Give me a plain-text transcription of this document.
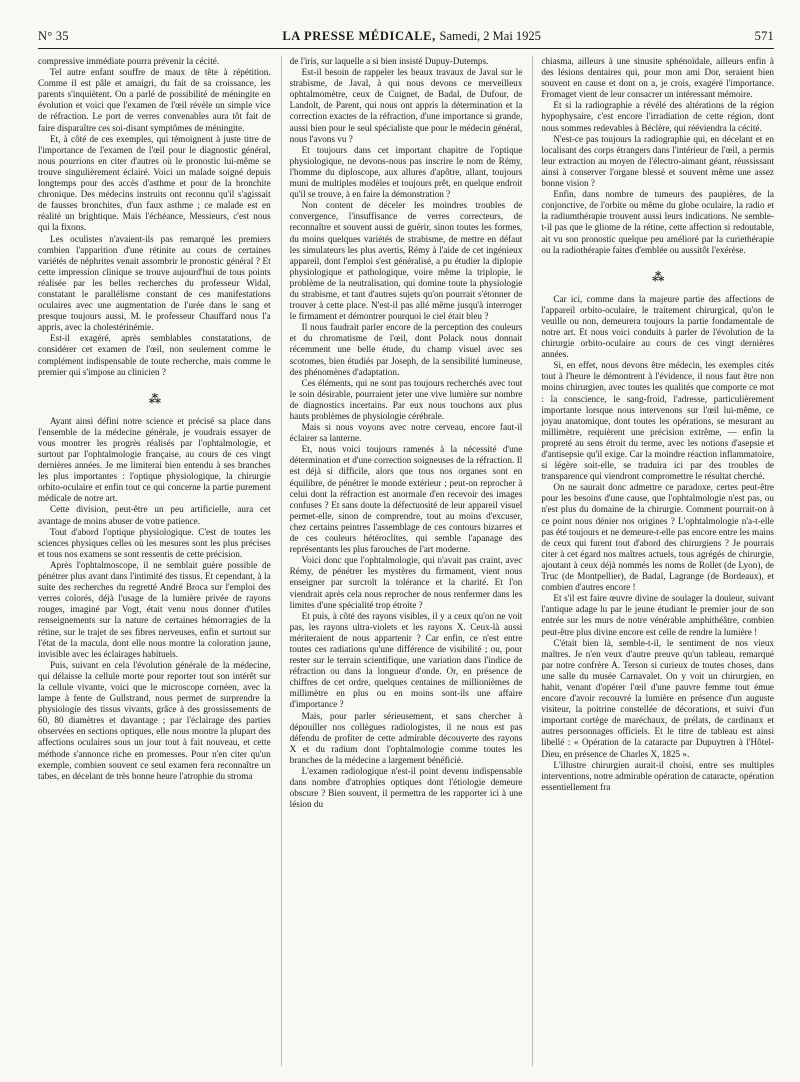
N° 35	LA PRESSE MÉDICALE, Samedi, 2 Mai 1925	571

compressive immédiate pourra prévenir la cécité.

Tel autre enfant souffre de maux de tête à répétition. Comme il est pâle et amaigri, du fait de sa croissance, les parents s'inquiètent. On a parlé de possibilité de méningite en évolution et voici que l'examen de l'œil révèle un simple vice de réfraction. Le port de verres convenables aura tôt fait de faire disparaître ces soi-disant symptômes de méningite.

Et, à côté de ces exemples, qui témoignent à juste titre de l'importance de l'examen de l'œil pour le diagnostic général, nous pourrions en citer d'autres où le pronostic lui-même se trouve singulièrement éclairé. Voici un malade soigné depuis longtemps pour des accès d'asthme et pour de la bronchite chronique. Des médecins instruits ont reconnu qu'il s'agissait de fausses bronchites, d'un faux asthme ; ce malade est en réalité un brightique. Mais l'échéance, Messieurs, c'est nous qui la fixons.

Les oculistes n'avaient-ils pas remarqué les premiers combien l'apparition d'une rétinite au cours de certaines variétés de néphrites venait assombrir le pronostic général ? Et cette impression clinique se trouve aujourd'hui de tous points réalisée par les belles recherches du professeur Widal, constatant le parallélisme constant de ces manifestations oculaires avec une augmentation de l'urée dans le sang et presque toujours aussi, M. le professeur Chauffard nous l'a appris, avec la cholestérinémie.

Est-il exagéré, après semblables constatations, de considérer cet examen de l'œil, non seulement comme le complément indispensable de toute recherche, mais comme le premier qui s'impose au clinicien ?

⁂

Ayant ainsi défini notre science et précisé sa place dans l'ensemble de la médecine générale, je voudrais essayer de vous montrer les progrès réalisés par l'ophtalmologie, et surtout par l'ophtalmologie française, au cours de ces vingt dernières années. Je me limiterai bien entendu à ses branches les plus importantes : l'optique physiologique, la chirurgie orbito-oculaire et enfin tout ce qui concerne la partie purement médicale de notre art.

Cette division, peut-être un peu artificielle, aura cet avantage de moins abuser de votre patience.

Tout d'abord l'optique physiologique. C'est de toutes les sciences physiques celles où les mesures sont les plus précises et tous nos examens se sont ressentis de cette précision.

Après l'ophtalmoscope, il ne semblait guère possible de pénétrer plus avant dans l'intimité des tissus. Et cependant, à la suite des recherches du regretté André Broca sur l'emploi des verres colorés, déjà l'usage de la lumière privée de rayons rouges, imaginé par Vogt, était venu nous donner d'utiles renseignements sur la nature de certaines hémorragies de la rétine, sur le trajet de ses fibres nerveuses, enfin et surtout sur l'état de la macula, dont elle nous montre la coloration jaune, invisible avec les éclairages habituels.

Puis, suivant en cela l'évolution générale de la médecine, qui délaisse la cellule morte pour reporter tout son intérêt sur la cellule vivante, voici que le microscope cornéen, avec la lampe à fente de Gullstrand, nous permet de surprendre la physiologie des tissus vivants, grâce à des grossissements de 60, 80 diamètres et davantage ; par l'éclairage des parties observées en sections optiques, elle nous montre la plupart des affections oculaires sous un jour tout à fait nouveau, et cette méthode s'annonce riche en promesses. Pour n'en citer qu'un exemple, combien souvent ce seul examen fera reconnaître un tabes, en décelant de très bonne heure l'atrophie du stroma

de l'iris, sur laquelle a si bien insisté Dupuy-Dutemps.

Est-il besoin de rappeler les beaux travaux de Javal sur le strabisme, de Javal, à qui nous devons ce merveilleux ophtalmomètre, ceux de Cuignet, de Badal, de Dufour, de Landolt, de Parent, qui nous ont appris la détermination et la correction exactes de la réfraction, d'une importance si grande, aussi bien pour le seul spécialiste que pour le médecin général, nous l'avons vu ?

Et toujours dans cet important chapitre de l'optique physiologique, ne devons-nous pas inscrire le nom de Rémy, l'homme du diploscope, aux allures d'apôtre, allant, toujours muni de multiples modèles et toujours prêt, en quelque endroit qu'il se trouve, à en faire la démonstration ?

Non content de déceler les moindres troubles de convergence, l'insuffisance de verres correcteurs, de reconnaître et souvent aussi de guérir, sinon toutes les formes, du moins quelques variétés de strabisme, de mettre en défaut les simulateurs les plus avertis, Rémy à l'aide de cet ingénieux appareil, dont l'emploi s'est généralisé, a pu étudier la diplopie physiologique et pathologique, voire même la triplopie, le problème de la neutralisation, qui domine toute la physiologie du strabisme, et tant d'autres sujets qu'on pourrait s'étonner de trouver à cette place. N'est-il pas allé même jusqu'à interroger le firmament et démontrer pourquoi le ciel était bleu ?

Il nous faudrait parler encore de la perception des couleurs et du chromatisme de l'œil, dont Polack nous donnait récemment une belle étude, du champ visuel avec ses scotomes, bien étudiés par Joseph, de la sensibilité lumineuse, des phénomènes d'adaptation.

Ces éléments, qui ne sont pas toujours recherchés avec tout le soin désirable, pourraient jeter une vive lumière sur nombre de diagnostics incertains. Par eux nous touchons aux plus hauts problèmes de physiologie cérébrale.

Mais si nous voyons avec notre cerveau, encore faut-il éclairer sa lanterne.

Et, nous voici toujours ramenés à la nécessité d'une détermination et d'une correction soigneuses de la réfraction. Il est déjà si difficile, alors que tous nos organes sont en équilibre, de pénétrer le monde extérieur ; peut-on reprocher à celui dont la réfraction est anormale d'en recevoir des images confuses ? Et sans doute la défectuosité de leur appareil visuel permet-elle, sinon de comprendre, tout au moins d'excuser, chez certains peintres l'assemblage de ces contours bizarres et de ces couleurs hétéroclites, qui semble l'apanage des représentants les plus farouches de l'art moderne.

Voici donc que l'ophtalmologie, qui n'avait pas craint, avec Rémy, de pénétrer les mystères du firmament, vient nous enseigner par surcroît la tolérance et la charité. Et l'on viendrait après cela nous reprocher de nous renfermer dans les limites d'une spécialité trop étroite ?

Et puis, à côté des rayons visibles, il y a ceux qu'on ne voit pas, les rayons ultra-violets et les rayons X. Ceux-là aussi mériteraient de nous appartenir ? Car enfin, ce n'est entre toutes ces radiations qu'une différence de visibilité ; ou, pour rester sur le terrain scientifique, une variation dans l'indice de réfraction ou dans la longueur d'onde. Or, en présence de chiffres de cet ordre, quelques centaines de millionièmes de millimètre en plus ou en moins sont-ils une affaire d'importance ?

Mais, pour parler sérieusement, et sans chercher à dépouiller nos collègues radiologistes, il ne nous est pas défendu de profiter de cette admirable découverte des rayons X et du radium dont l'ophtalmologie comme toutes les branches de la médecine a largement bénéficié.

L'examen radiologique n'est-il point devenu indispensable dans nombre d'atrophies optiques dont l'étiologie demeure obscure ? Bien souvent, il permettra de les rapporter ici à une lésion du

chiasma, ailleurs à une sinusite sphénoïdale, ailleurs enfin à des lésions dentaires qui, pour mon ami Dor, seraient bien souvent en cause et dont on a, je crois, exagéré l'importance. Fromaget vient de leur consacrer un intéressant mémoire.

Et si la radiographie a révélé des altérations de la région hypophysaire, c'est encore l'irradiation de cette région, dont nous sommes redevables à Béclère, qui rééviendra la cécité.

N'est-ce pas toujours la radiographie qui, en décelant et en localisant des corps étrangers dans l'intérieur de l'œil, a permis leur extraction au moyen de l'électro-aimant géant, réussissant ainsi à conserver l'organe blessé et souvent même une assez bonne vision ?

Enfin, dans nombre de tumeurs des paupières, de la conjonctive, de l'orbite ou même du globe oculaire, la radio et la radiumthérapie trouvent aussi leurs indications. Ne semble-t-il pas que le gliome de la rétine, cette affection si redoutable, ait vu son pronostic quelque peu amélioré par la curiethérapie ou la radiothérapie faites d'emblée ou aussitôt l'exérèse.

⁂

Car ici, comme dans la majeure partie des affections de l'appareil orbito-oculaire, le traitement chirurgical, qu'on le veuille ou non, demeurera toujours la partie fondamentale de notre art. Et nous voici conduits à parler de l'évolution de la chirurgie orbito-oculaire au cours de ces vingt dernières années.

Si, en effet, nous devons être médecin, les exemples cités tout à l'heure le démontrent à l'évidence, il nous faut être non moins chirurgien, avec toutes les qualités que comporte ce mot : la conscience, le sang-froid, l'adresse, particulièrement importante lorsque nous intervenons sur l'œil lui-même, ce joyau anatomique, dont toutes les opérations, se mesurant au millimètre, requièrent une précision extrême, — enfin la propreté au sens étroit du terme, avec les notions d'asepsie et d'antisepsie qu'il exige. Car la moindre réaction inflammatoire, si légère soit-elle, se traduira ici par des troubles de transparence qui viendront compromettre le résultat cherché.

On ne saurait donc admettre ce paradoxe, certes peut-être pour les besoins d'une cause, que l'ophtalmologie n'est pas, ou n'est plus du domaine de la chirurgie. Comment pourrait-on à ce point nous dénier nos origines ? L'ophtalmologie n'a-t-elle pas été toujours et ne demeure-t-elle pas encore entre les mains de ceux qui furent tout d'abord des chirurgiens ? Je pourrais citer à cet égard nos maîtres actuels, tous agrégés de chirurgie, ajoutant à ceux déjà nommés les noms de Rollet (de Lyon), de Truc (de Montpellier), de Badal, Lagrange (de Bordeaux), et combien d'autres encore !

Et s'il est faire œuvre divine de soulager la douleur, suivant l'antique adage lu par le jeune étudiant le premier jour de son entrée sur les murs de notre vénérable amphithéâtre, combien peut-être plus divine encore est celle de rendre la lumière !

C'était bien là, semble-t-il, le sentiment de nos vieux maîtres. Je n'en veux d'autre preuve qu'un tableau, remarqué par notre confrère A. Terson si curieux de toutes choses, dans une salle du musée Carnavalet. On y voit un chirurgien, en habit, venant d'opérer l'œil d'une pauvre femme tout émue encore d'avoir recouvré la lumière en présence d'un auguste visiteur, la poitrine constellée de décorations, et suivi d'un important cortège de maréchaux, de prélats, de cardinaux et autres personnages officiels. Et le titre de tableau est ainsi libellé : « Opération de la cataracte par Dupuytren à l'Hôtel-Dieu, en présence de Charles X, 1825 ».

L'illustre chirurgien aurait-il choisi, entre ses multiples interventions, notre admirable opération de cataracte, opération essentiellement fra
